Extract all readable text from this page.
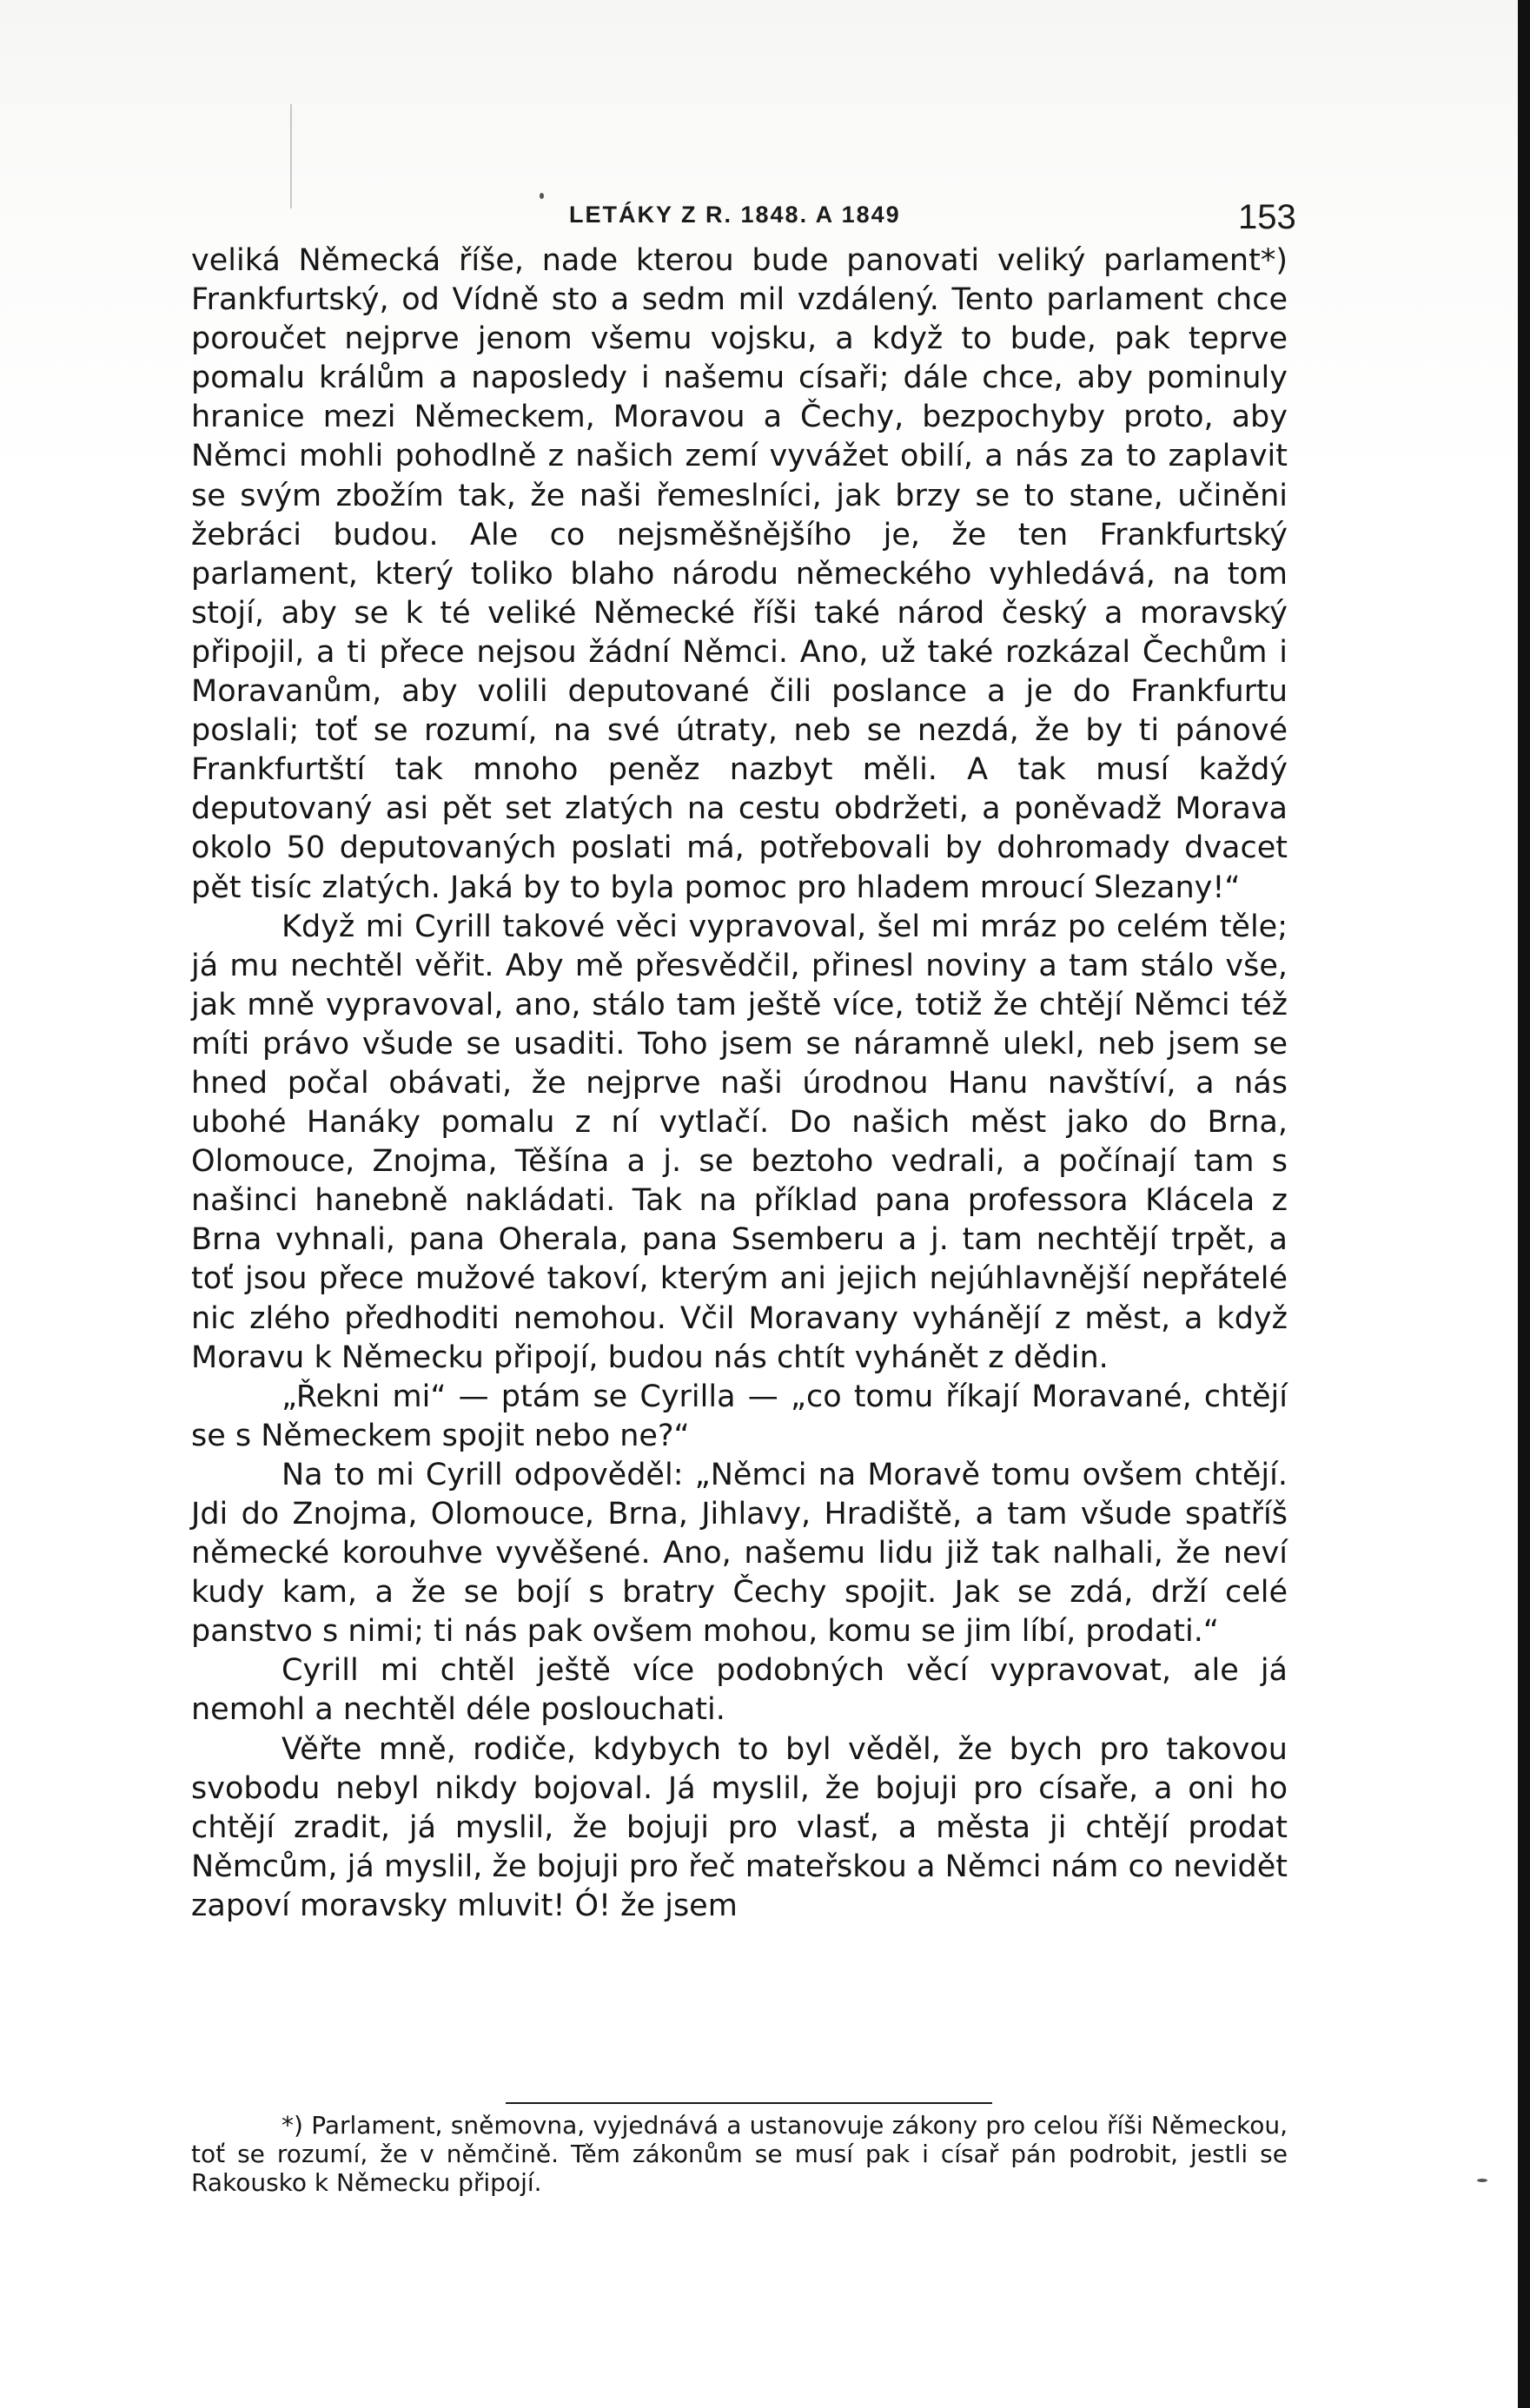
LETÁKY Z R. 1848. A 1849	153

veliká Německá říše, nade kterou bude panovati veliký parlament*) Frankfurtský, od Vídně sto a sedm mil vzdálený. Tento parlament chce poroučet nejprve jenom všemu vojsku, a když to bude, pak teprve pomalu králům a naposledy i našemu císaři; dále chce, aby pominuly hranice mezi Německem, Moravou a Čechy, bezpochyby proto, aby Němci mohli pohodlně z našich zemí vyvážet obilí, a nás za to zaplavit se svým zbožím tak, že naši řemeslníci, jak brzy se to stane, učiněni žebráci budou. Ale co nejsměšnějšího je, že ten Frankfurtský parlament, který toliko blaho národu německého vyhledává, na tom stojí, aby se k té veliké Německé říši také národ český a moravský připojil, a ti přece nejsou žádní Němci. Ano, už také rozkázal Čechům i Moravanům, aby volili deputované čili poslance a je do Frankfurtu poslali; toť se rozumí, na své útraty, neb se nezdá, že by ti pánové Frankfurtští tak mnoho peněz nazbyt měli. A tak musí každý deputovaný asi pět set zlatých na cestu obdržeti, a poněvadž Morava okolo 50 deputovaných poslati má, potřebovali by dohromady dvacet pět tisíc zlatých. Jaká by to byla pomoc pro hladem mroucí Slezany!“

Když mi Cyrill takové věci vypravoval, šel mi mráz po celém těle; já mu nechtěl věřit. Aby mě přesvědčil, přinesl noviny a tam stálo vše, jak mně vypravoval, ano, stálo tam ještě více, totiž že chtějí Němci též míti právo všude se usaditi. Toho jsem se náramně ulekl, neb jsem se hned počal obávati, že nejprve naši úrodnou Hanu navštíví, a nás ubohé Hanáky pomalu z ní vytlačí. Do našich měst jako do Brna, Olomouce, Znojma, Těšína a j. se beztoho vedrali, a počínají tam s našinci hanebně nakládati. Tak na příklad pana professora Klácela z Brna vyhnali, pana Oherala, pana Ssemberu a j. tam nechtějí trpět, a toť jsou přece mužové takoví, kterým ani jejich nejúhlavnější nepřátelé nic zlého předhoditi nemohou. Včil Moravany vyhánějí z měst, a když Moravu k Německu připojí, budou nás chtít vyhánět z dědin.

„Řekni mi“ — ptám se Cyrilla — „co tomu říkají Moravané, chtějí se s Německem spojit nebo ne?“

Na to mi Cyrill odpověděl: „Němci na Moravě tomu ovšem chtějí. Jdi do Znojma, Olomouce, Brna, Jihlavy, Hradiště, a tam všude spatříš německé korouhve vyvěšené. Ano, našemu lidu již tak nalhali, že neví kudy kam, a že se bojí s bratry Čechy spojit. Jak se zdá, drží celé panstvo s nimi; ti nás pak ovšem mohou, komu se jim líbí, prodati.“

Cyrill mi chtěl ještě více podobných věcí vypravovat, ale já nemohl a nechtěl déle poslouchati.

Věřte mně, rodiče, kdybych to byl věděl, že bych pro takovou svobodu nebyl nikdy bojoval. Já myslil, že bojuji pro císaře, a oni ho chtějí zradit, já myslil, že bojuji pro vlasť, a města ji chtějí prodat Němcům, já myslil, že bojuji pro řeč mateřskou a Němci nám co nevidět zapoví moravsky mluvit! Ó! že jsem

*) Parlament, sněmovna, vyjednává a ustanovuje zákony pro celou říši Německou, toť se rozumí, že v němčině. Těm zákonům se musí pak i císař pán podrobit, jestli se Rakousko k Německu připojí.
